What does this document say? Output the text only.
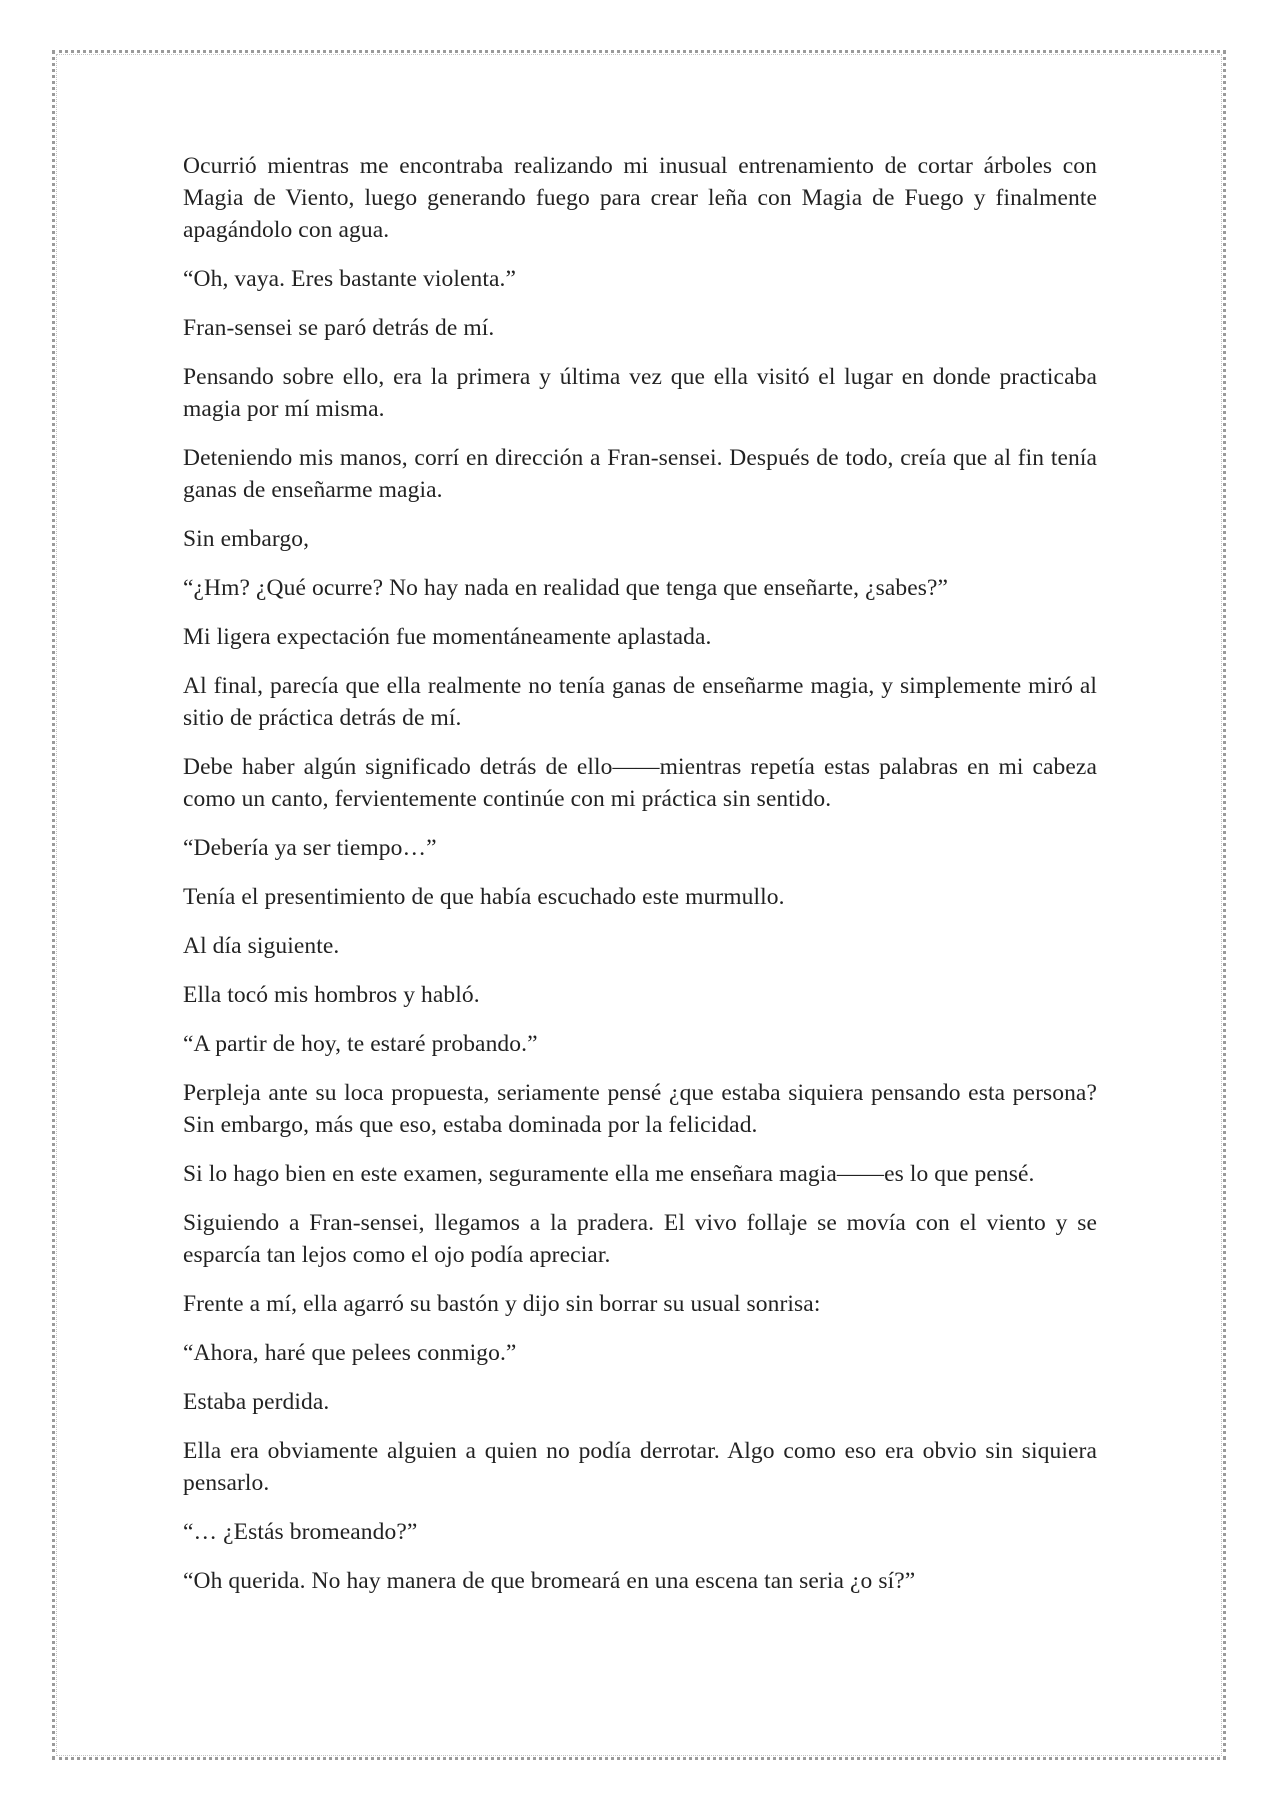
Ocurrió mientras me encontraba realizando mi inusual entrenamiento de cortar árboles con Magia de Viento, luego generando fuego para crear leña con Magia de Fuego y finalmente apagándolo con agua.

“Oh, vaya. Eres bastante violenta.”

Fran-sensei se paró detrás de mí.

Pensando sobre ello, era la primera y última vez que ella visitó el lugar en donde practicaba magia por mí misma.

Deteniendo mis manos, corrí en dirección a Fran-sensei. Después de todo, creía que al fin tenía ganas de enseñarme magia.

Sin embargo,

“¿Hm? ¿Qué ocurre? No hay nada en realidad que tenga que enseñarte, ¿sabes?”

Mi ligera expectación fue momentáneamente aplastada.

Al final, parecía que ella realmente no tenía ganas de enseñarme magia, y simplemente miró al sitio de práctica detrás de mí.

Debe haber algún significado detrás de ello——mientras repetía estas palabras en mi cabeza como un canto, fervientemente continúe con mi práctica sin sentido.

“Debería ya ser tiempo…”

Tenía el presentimiento de que había escuchado este murmullo.

Al día siguiente.

Ella tocó mis hombros y habló.

“A partir de hoy, te estaré probando.”

Perpleja ante su loca propuesta, seriamente pensé ¿que estaba siquiera pensando esta persona? Sin embargo, más que eso, estaba dominada por la felicidad.

Si lo hago bien en este examen, seguramente ella me enseñara magia——es lo que pensé.

Siguiendo a Fran-sensei, llegamos a la pradera. El vivo follaje se movía con el viento y se esparcía tan lejos como el ojo podía apreciar.

Frente a mí, ella agarró su bastón y dijo sin borrar su usual sonrisa:

“Ahora, haré que pelees conmigo.”

Estaba perdida.

Ella era obviamente alguien a quien no podía derrotar. Algo como eso era obvio sin siquiera pensarlo.

“… ¿Estás bromeando?”

“Oh querida. No hay manera de que bromeará en una escena tan seria ¿o sí?”
